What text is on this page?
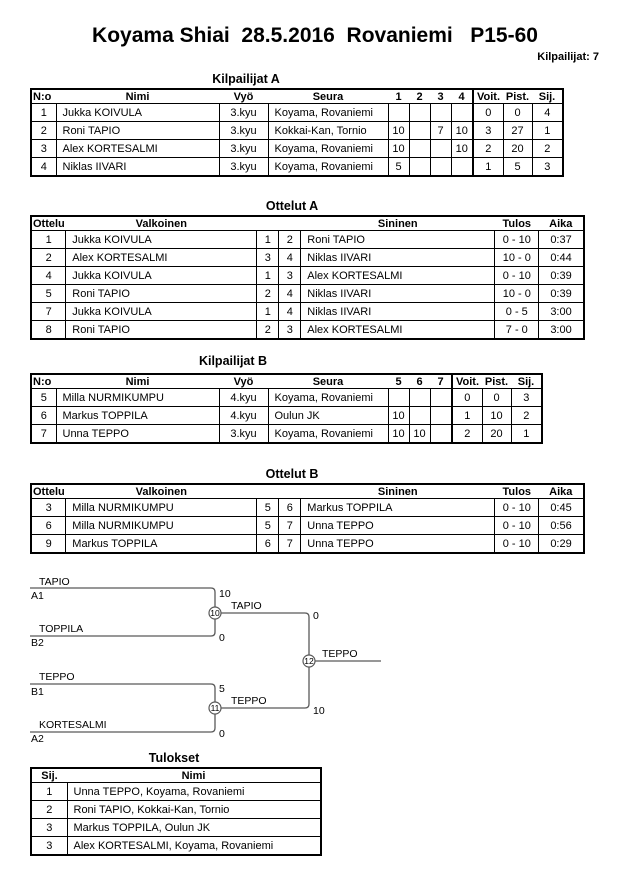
Koyama Shiai  28.5.2016  Rovaniemi   P15-60
Kilpailijat: 7
Kilpailijat A
N:o	Nimi	Vyö	Seura	1	2	3	4	Voit.	Pist.	Sij.
1	Jukka KOIVULA	3.kyu	Koyama, Rovaniemi					0	0	4
2	Roni TAPIO	3.kyu	Kokkai-Kan, Tornio	10		7	10	3	27	1
3	Alex KORTESALMI	3.kyu	Koyama, Rovaniemi	10			10	2	20	2
4	Niklas IIVARI	3.kyu	Koyama, Rovaniemi	5				1	5	3
Ottelut A
Ottelu	Valkoinen			Sininen	Tulos	Aika
1	Jukka KOIVULA	1	2	Roni TAPIO	0 - 10	0:37
2	Alex KORTESALMI	3	4	Niklas IIVARI	10 - 0	0:44
4	Jukka KOIVULA	1	3	Alex KORTESALMI	0 - 10	0:39
5	Roni TAPIO	2	4	Niklas IIVARI	10 - 0	0:39
7	Jukka KOIVULA	1	4	Niklas IIVARI	0 - 5	3:00
8	Roni TAPIO	2	3	Alex KORTESALMI	7 - 0	3:00
Kilpailijat B
N:o	Nimi	Vyö	Seura	5	6	7	Voit.	Pist.	Sij.
5	Milla NURMIKUMPU	4.kyu	Koyama, Rovaniemi				0	0	3
6	Markus TOPPILA	4.kyu	Oulun JK	10			1	10	2
7	Unna TEPPO	3.kyu	Koyama, Rovaniemi	10	10		2	20	1
Ottelut B
Ottelu	Valkoinen			Sininen	Tulos	Aika
3	Milla NURMIKUMPU	5	6	Markus TOPPILA	0 - 10	0:45
6	Milla NURMIKUMPU	5	7	Unna TEPPO	0 - 10	0:56
9	Markus TOPPILA	6	7	Unna TEPPO	0 - 10	0:29
10
TAPIO
A1	10
TOPPILA
B2	0
TAPIO
11
TEPPO
B1	5
KORTESALMI
A2	0
TEPPO
12
0
10
TEPPO
Tulokset
Sij.	Nimi
1	Unna TEPPO, Koyama, Rovaniemi
2	Roni TAPIO, Kokkai-Kan, Tornio
3	Markus TOPPILA, Oulun JK
3	Alex KORTESALMI, Koyama, Rovaniemi
